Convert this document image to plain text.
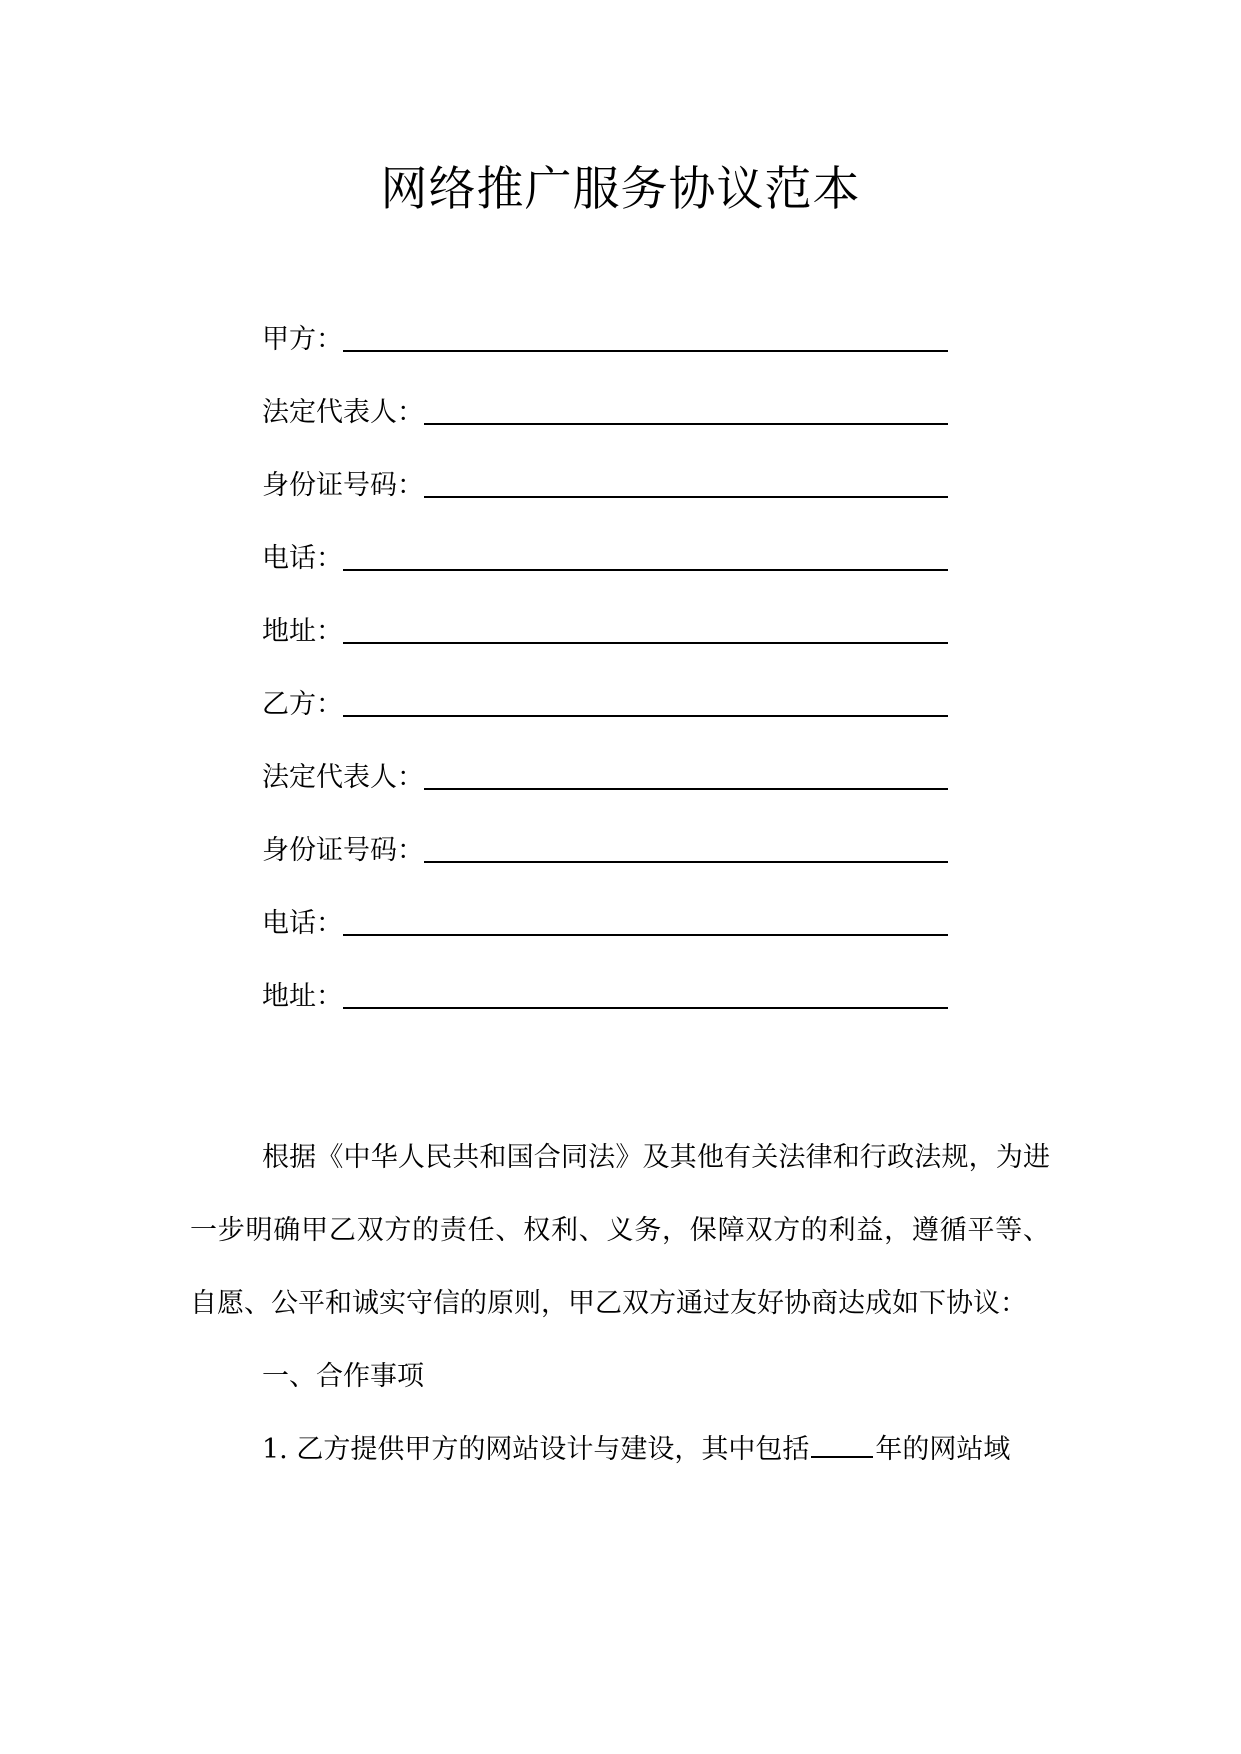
网络推广服务协议范本
甲方：
法定代表人：
身份证号码：
电话：
地址：
乙方：
法定代表人：
身份证号码：
电话：
地址：

根据《中华人民共和国合同法》及其他有关法律和行政法规，为进一步明确甲乙双方的责任、权利、义务，保障双方的利益，遵循平等、自愿、公平和诚实守信的原则，甲乙双方通过友好协商达成如下协议：

一、合作事项

1. 乙方提供甲方的网站设计与建设，其中包括 年的网站域
